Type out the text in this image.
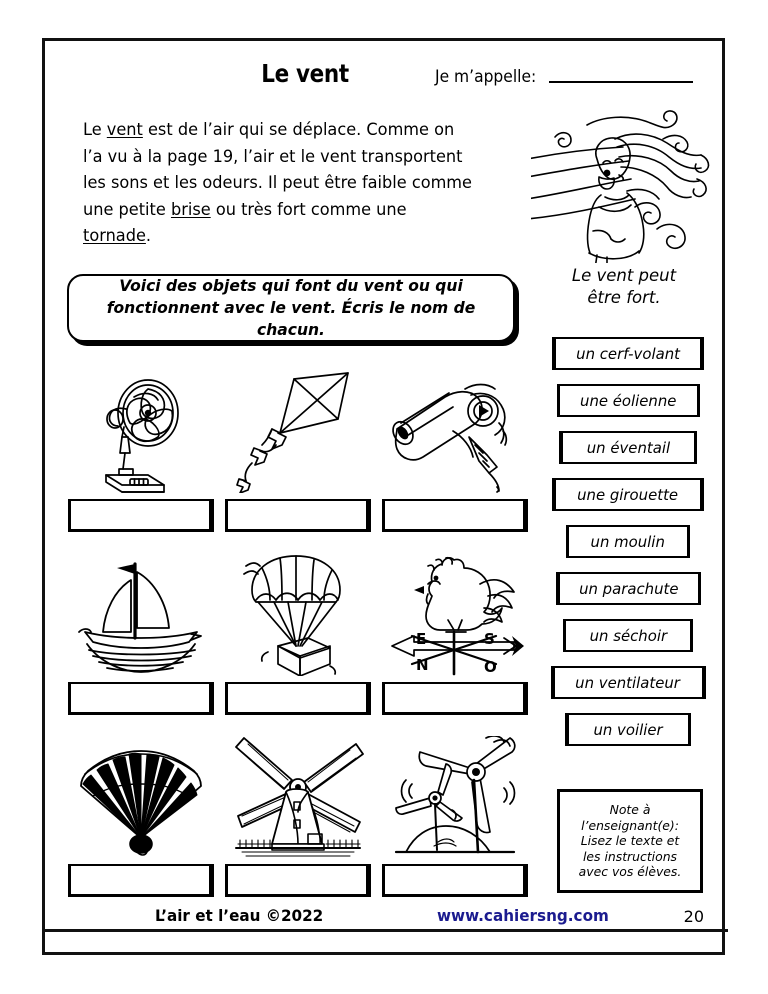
Le vent	Je m’appelle:
Le vent est de l’air qui se déplace. Comme on l’a vu à la page 19, l’air et le vent transportent les sons et les odeurs. Il peut être faible comme une petite brise ou très fort comme une tornade.
Le vent peut
être fort.
Voici des objets qui font du vent ou qui
fonctionnent avec le vent. Écris le nom de chacun.
N
E	S
O
un cerf-volant
une éolienne
un éventail
une girouette
un moulin
un parachute
un séchoir
un ventilateur
un voilier
Note à
l’enseignant(e):
Lisez le texte et
les instructions
avec vos élèves.
L’air et l’eau ©2022	www.cahiersng.com	20
